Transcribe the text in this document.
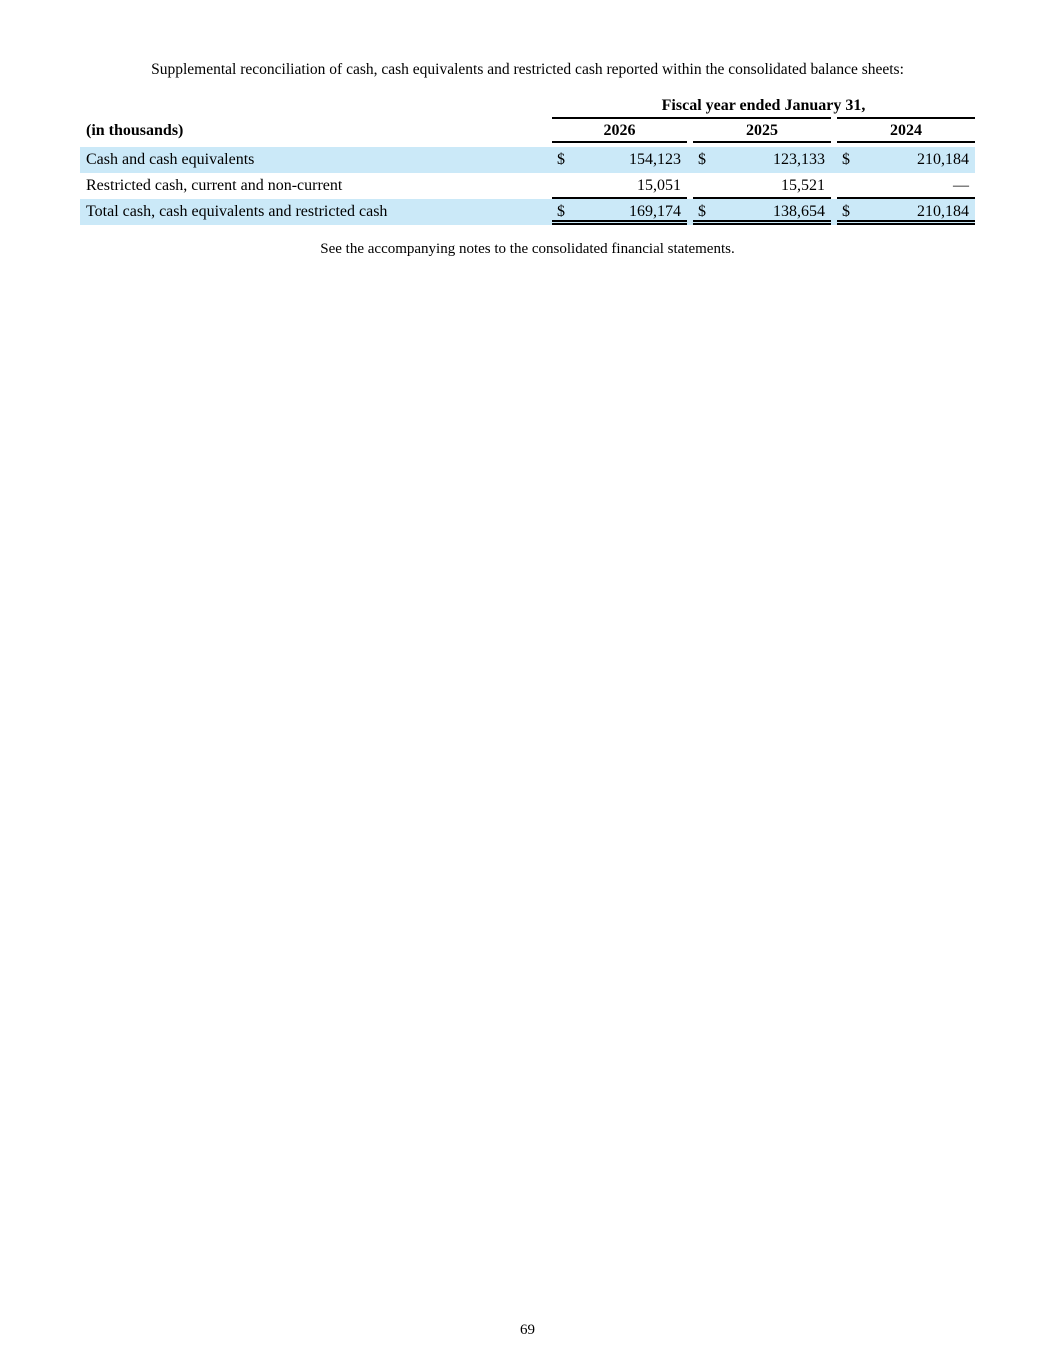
Supplemental reconciliation of cash, cash equivalents and restricted cash reported within the consolidated balance sheets:

Fiscal year ended January 31,
(in thousands)	2026	2025	2024
Cash and cash equivalents	$	154,123 $	123,133 $	210,184
Restricted cash, current and non-current	15,051	15,521	—
Total cash, cash equivalents and restricted cash	$	169,174 $	138,654 $	210,184

See the accompanying notes to the consolidated financial statements.

69
